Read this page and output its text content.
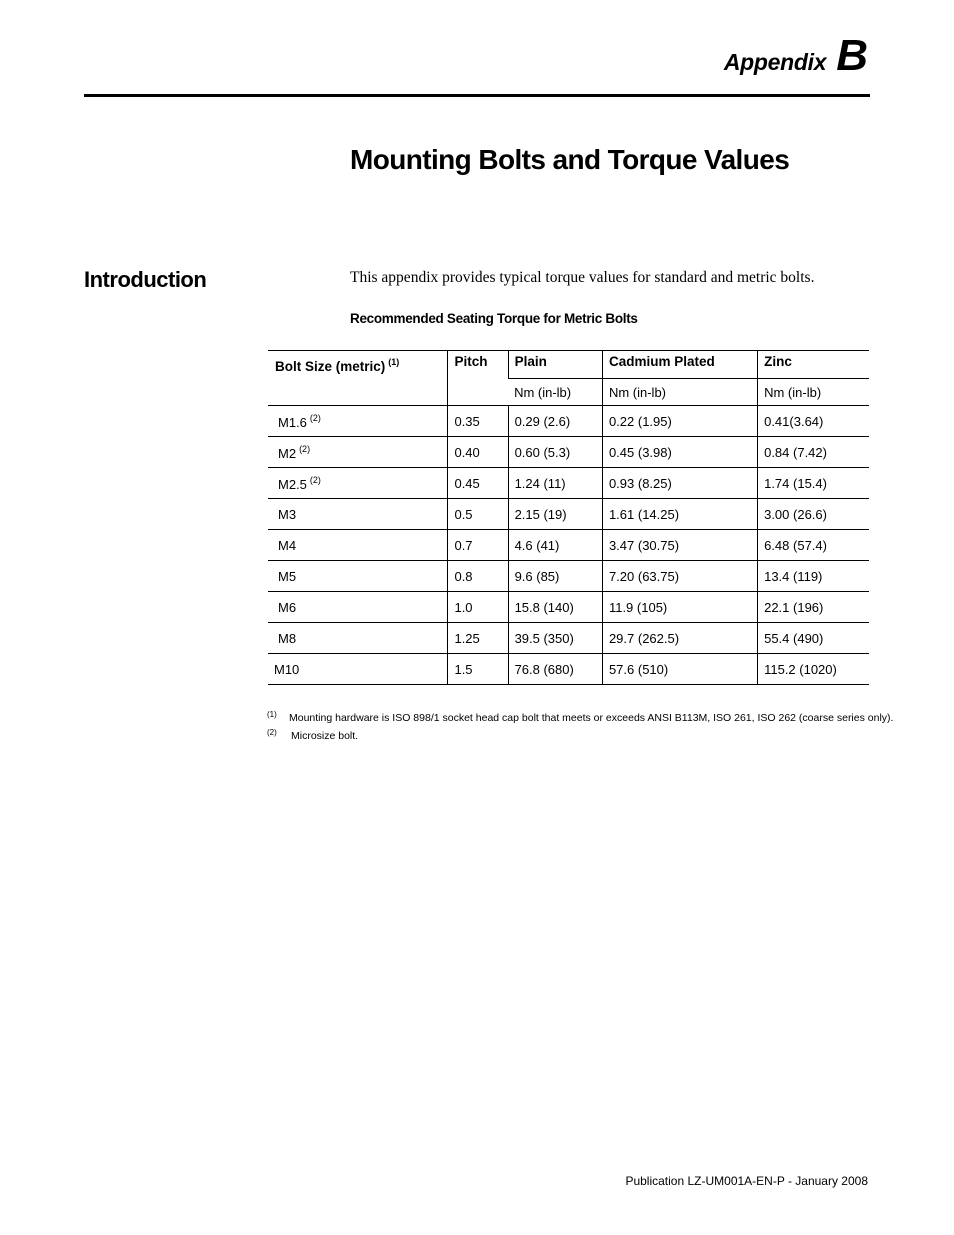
Appendix B
Mounting Bolts and Torque Values
Introduction	This appendix provides typical torque values for standard and metric bolts.

Recommended Seating Torque for Metric Bolts

Bolt Size (metric) $^{(1)}$	Pitch	Plain	Cadmium Plated	Zinc
		Nm (in-lb)	Nm (in-lb)	Nm (in-lb)
M1.6 $^{(2)}$	0.35	0.29 (2.6)	0.22 (1.95)	0.41(3.64)
M2 $^{(2)}$	0.40	0.60 (5.3)	0.45 (3.98)	0.84 (7.42)
M2.5 $^{(2)}$	0.45	1.24 (11)	0.93 (8.25)	1.74 (15.4)
M3	0.5	2.15 (19)	1.61 (14.25)	3.00 (26.6)
M4	0.7	4.6 (41)	3.47 (30.75)	6.48 (57.4)
M5	0.8	9.6 (85)	7.20 (63.75)	13.4 (119)
M6	1.0	15.8 (140)	11.9 (105)	22.1 (196)
M8	1.25	39.5 (350)	29.7 (262.5)	55.4 (490)
M10	1.5	76.8 (680)	57.6 (510)	115.2 (1020)
(1)	Mounting hardware is ISO 898/1 socket head cap bolt that meets or exceeds ANSI B113M, ISO 261, ISO 262 (coarse series only).
(2)	Microsize bolt.
Publication LZ-UM001A-EN-P - January 2008
